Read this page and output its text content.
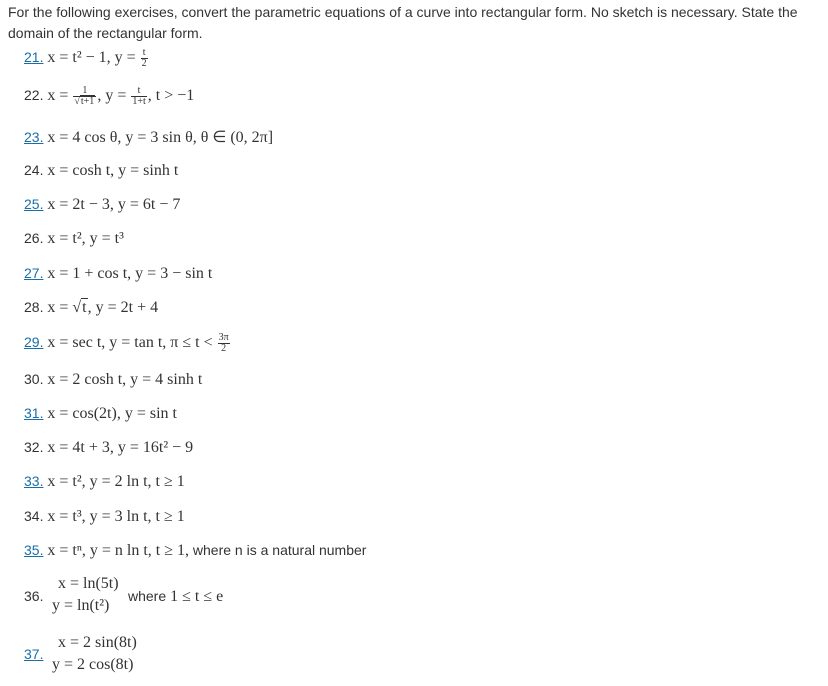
For the following exercises, convert the parametric equations of a curve into rectangular form. No sketch is necessary. State the domain of the rectangular form.
21. x = t² − 1, $y = \frac{t}{2}$
22. $x = \frac{1}{√t+1}$ , $y = \frac{t}{1+t}$ , t > −1
23. x = 4 cos θ, y = 3 sin θ, θ ∈ (0, 2π]
24. x = cosh t, y = sinh t
25. x = 2t − 3, y = 6t − 7
26. x = t², y = t³
27. x = 1 + cos t, y = 3 − sin t
28. x = √t, y = 2t + 4
29. x = sec t, y = tan t, $\pi \le t < \frac{3\pi}{2}$
30. x = 2 cosh t, y = 4 sinh t
31. x = cos(2t), y = sin t
32. x = 4t + 3, y = 16t² − 9
33. x = t², y = 2 ln t, t ≥ 1
34. x = t³, y = 3 ln t, t ≥ 1
35. x = tⁿ, y = n ln t, t ≥ 1, where n is a natural number
36.
x = ln(5t)
y = ln(t²)
where 1 ≤ t ≤ e
37.
x = 2 sin(8t)
y = 2 cos(8t)
